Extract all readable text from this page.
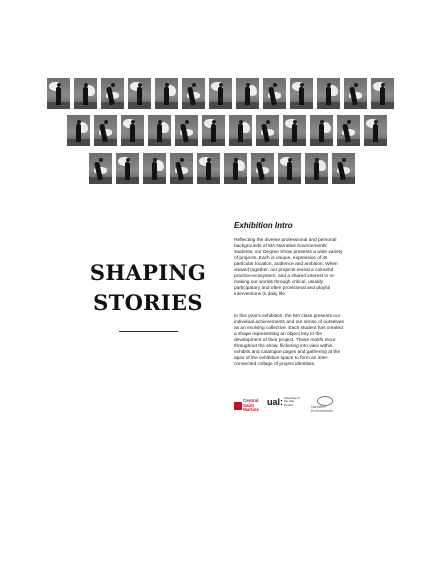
SHAPING
STORIES
Exhibition Intro

Reflecting the diverse professional and personal backgrounds of MA Narrative Environments' students, our Degree Show presents a wide variety of projects. Each is unique, expressive of its particular location, audience and ambition. When viewed together, our projects reveal a colourful practice-ecosystem, and a shared interest in re-making our worlds through critical, usually participatory and often provisional and playful interventions in daily life.

In this year's exhibition, the MA class presents our individual achievements and our sense of ourselves as an evolving collective. Each student has created a shape representing an object key to the development of their project. These motifs recur throughout the show, flickering into view within exhibits and catalogue pages and gathering at the apex of the exhibition space to form an inter-connected collage of project identities.

Central Saint Martins
ual: university of the arts london
Narrative Environments
